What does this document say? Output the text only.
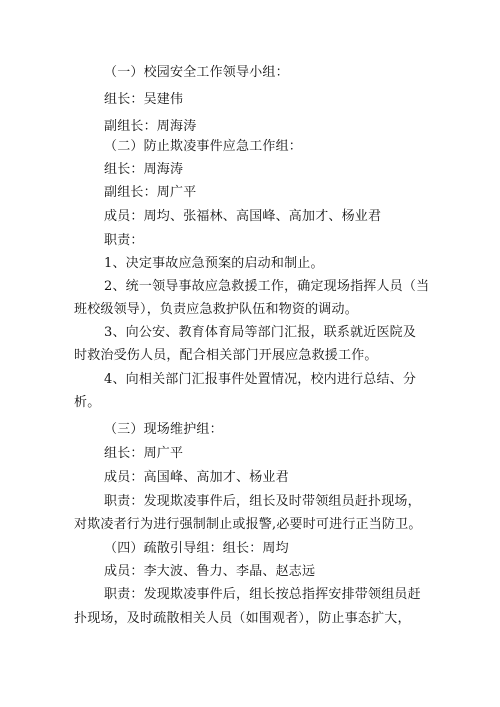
（一）校园安全工作领导小组：
组长：吴建伟
副组长：周海涛
（二）防止欺凌事件应急工作组：
组长：周海涛
副组长：周广平
成员：周均、张福林、高国峰、高加才、杨业君
职责：
1、决定事故应急预案的启动和制止。
2、统一领导事故应急救援工作，确定现场指挥人员（当
班校级领导），负责应急救护队伍和物资的调动。
3、向公安、教育体育局等部门汇报，联系就近医院及
时救治受伤人员，配合相关部门开展应急救援工作。
4、向相关部门汇报事件处置情况，校内进行总结、分
析。
（三）现场维护组：
组长：周广平
成员：高国峰、高加才、杨业君
职责：发现欺凌事件后，组长及时带领组员赶扑现场，
对欺凌者行为进行强制制止或报警,必要时可进行正当防卫。
（四）疏散引导组：组长：周均
成员：李大波、鲁力、李晶、赵志远
职责：发现欺凌事件后，组长按总指挥安排带领组员赶
扑现场，及时疏散相关人员（如围观者），防止事态扩大，
